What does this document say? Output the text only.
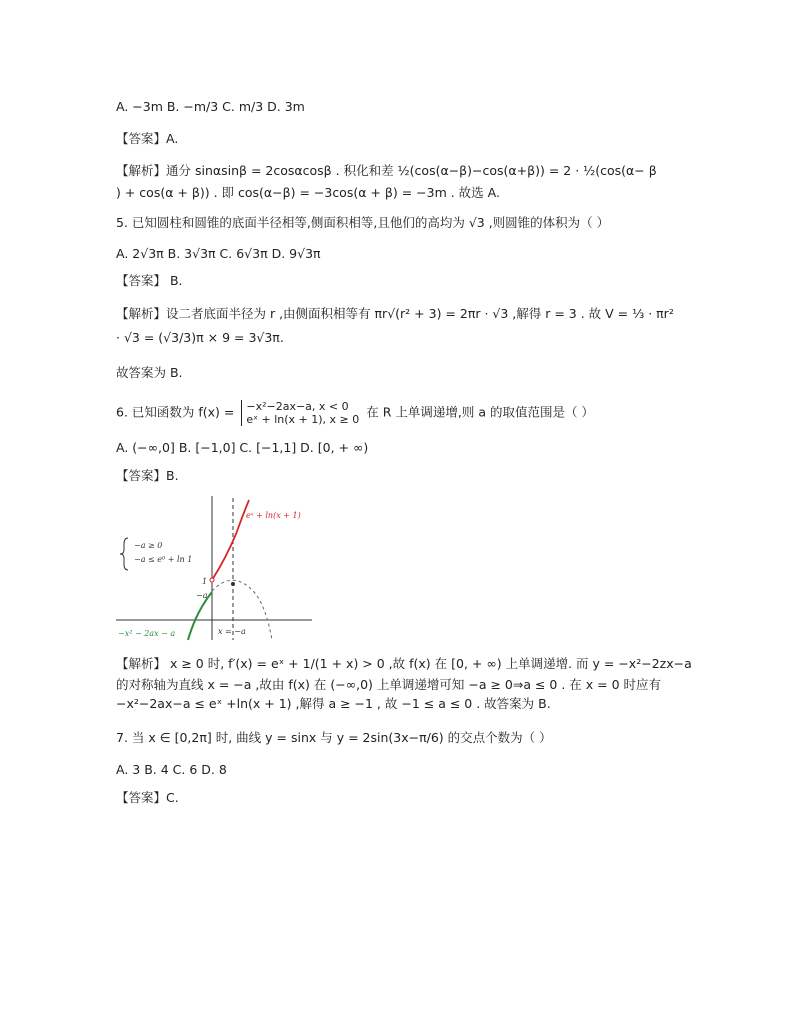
A. −3m B. −m/3 C. m/3 D. 3m
【答案】A.
【解析】通分 sinαsinβ = 2cosαcosβ . 积化和差 ½(cos(α−β)−cos(α+β)) = 2 · ½(cos(α− β
) + cos(α + β)) . 即 cos(α−β) = −3cos(α + β) = −3m . 故选 A.
5. 已知圆柱和圆锥的底面半径相等,侧面积相等,且他们的高均为 √3 ,则圆锥的体积为（ ）
A. 2√3π B. 3√3π C. 6√3π D. 9√3π
【答案】 B.
【解析】设二者底面半径为 r ,由侧面积相等有 πr√(r² + 3) = 2πr · √3 ,解得 r = 3 . 故 V = ⅓ · πr²
· √3 = (√3/3)π × 9 = 3√3π.
故答案为 B.
6. 已知函数为 f(x) = −x²−2ax−a, x < 0
eˣ + ln(x + 1), x ≥ 0 在 R 上单调递增,则 a 的取值范围是（ ）
A. (−∞,0] B. [−1,0] C. [−1,1] D. [0, + ∞)
【答案】B.
−a ≥ 0
−a ≤ e⁰ + ln 1
eˣ + ln(x + 1)
1
−a
−x² − 2ax − a	x = −a
【解析】 x ≥ 0 时, f′(x) = eˣ + 1/(1 + x) > 0 ,故 f(x) 在 [0, + ∞) 上单调递增. 而 y = −x²−2zx−a
的对称轴为直线 x = −a ,故由 f(x) 在 (−∞,0) 上单调递增可知 −a ≥ 0⇒a ≤ 0 . 在 x = 0 时应有
−x²−2ax−a ≤ eˣ +ln(x + 1) ,解得 a ≥ −1 , 故 −1 ≤ a ≤ 0 . 故答案为 B.
7. 当 x ∈ [0,2π] 时, 曲线 y = sinx 与 y = 2sin(3x−π/6) 的交点个数为（ ）
A. 3 B. 4 C. 6 D. 8
【答案】C.
